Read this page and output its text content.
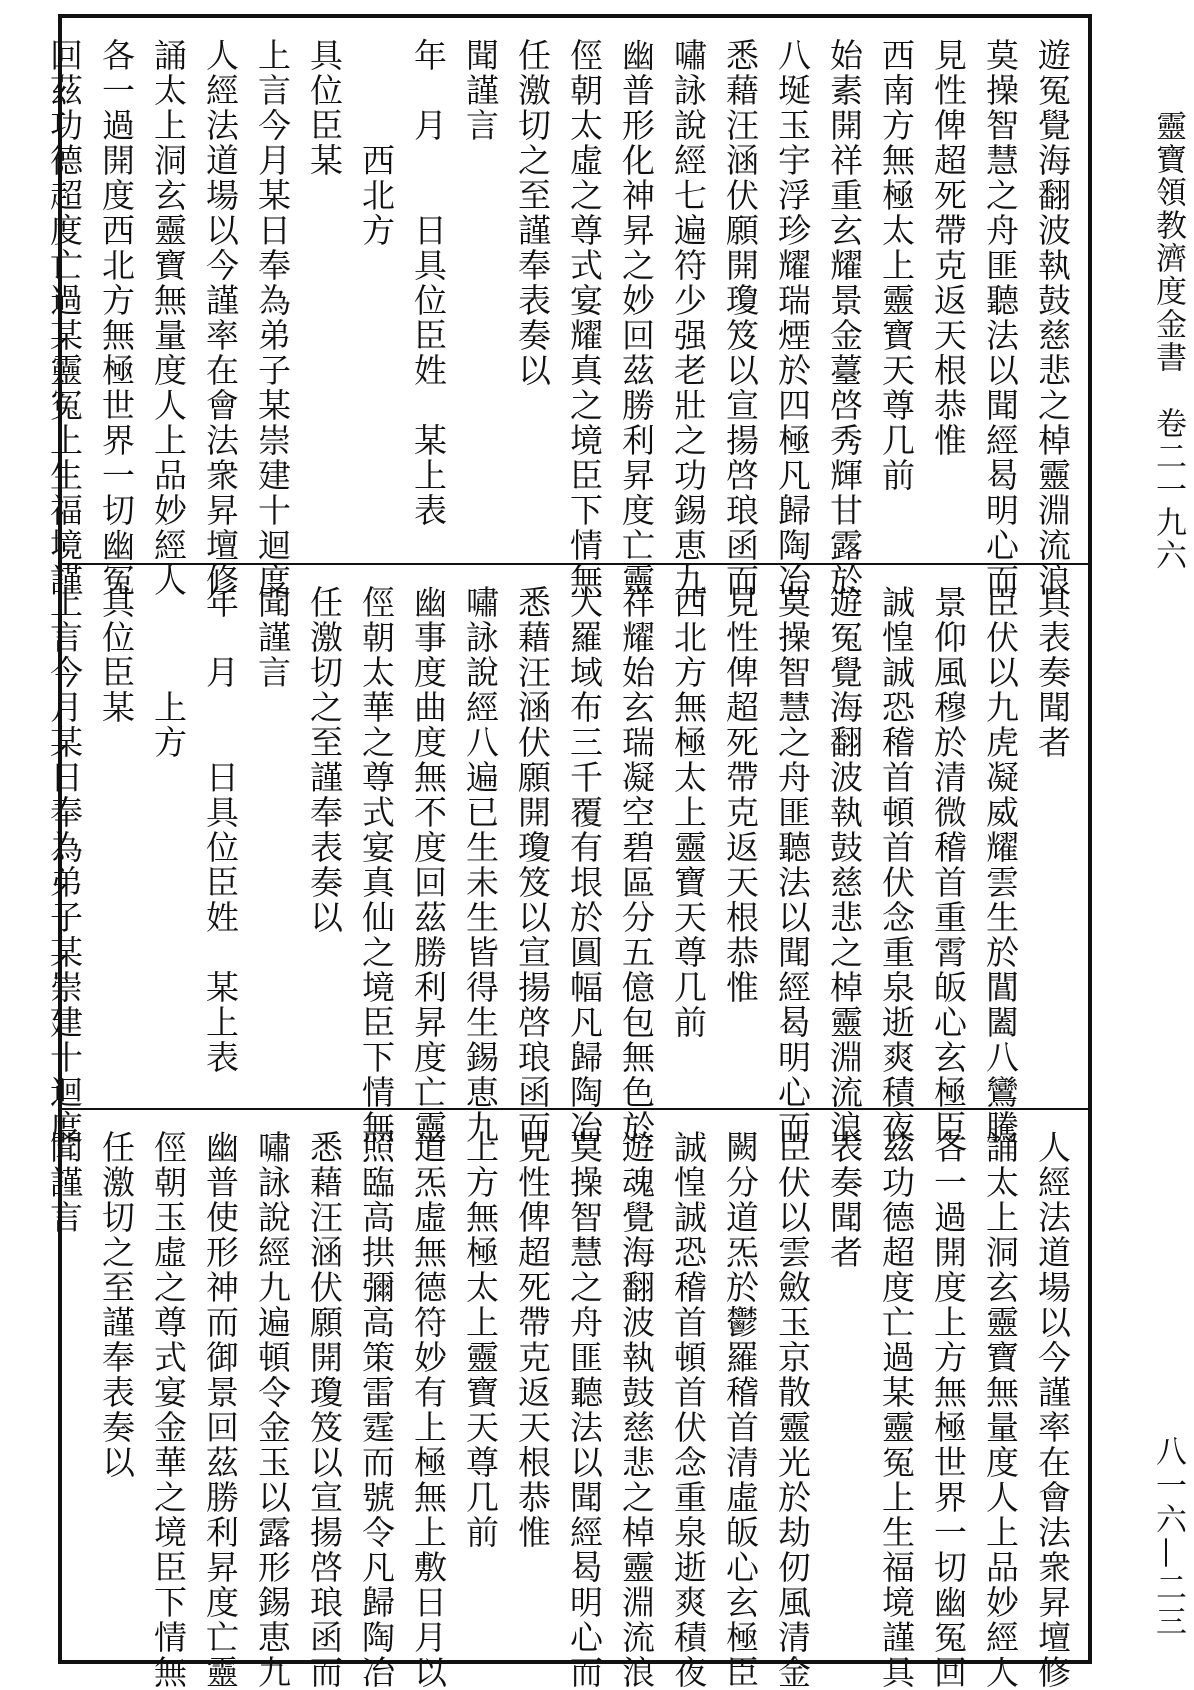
靈寶領教濟度金書　卷二一九六
八一六—二三
遊冤覺海翻波執鼓慈悲之棹靈淵流浪
莫操智慧之舟匪聽法以聞經曷明心而
見性俾超死帶克返天根恭惟
西南方無極太上靈寶天尊几前
始素開祥重玄耀景金薹啓秀輝甘露於
八埏玉宇浮珍耀瑞煙於四極凡歸陶冶
悉藉汪涵伏願開瓊笈以宣揚啓琅函而
嘯詠說經七遍符少强老壯之功錫恵九
幽普形化神昇之妙回茲勝利昇度亡靈
俓朝太虛之尊式宴耀真之境臣下情無
任激切之至謹奉表奏以
聞謹言
年　月　　日具位臣姓　某上表
　　　西北方
具位臣某
上言今月某日奉為弟子某崇建十迴度
人經法道場以今謹率在會法衆昇壇修
誦太上洞玄靈寶無量度人上品妙經人
各一過開度西北方無極世界一切幽冤
回茲功德超度亡過某靈冤上生福境謹
具表奏聞者
臣伏以九虎凝威耀雲生於閶闔八鸞騰
景仰風穆於清微稽首重霄皈心玄極臣
誠惶誠恐稽首頓首伏念重泉逝爽積夜
遊冤覺海翻波執鼓慈悲之棹靈淵流浪
莫操智慧之舟匪聽法以聞經曷明心而
見性俾超死帶克返天根恭惟
西北方無極太上靈寶天尊几前
祥耀始玄瑞凝空碧區分五億包無色於
大羅域布三千覆有垠於圓幅凡歸陶冶
悉藉汪涵伏願開瓊笈以宣揚啓琅函而
嘯詠說經八遍已生未生皆得生錫恵九
幽事度曲度無不度回茲勝利昇度亡靈
俓朝太華之尊式宴真仙之境臣下情無
任激切之至謹奉表奏以
聞謹言
年　月　　日具位臣姓　某上表
　　　上方
具位臣某
上言今月某日奉為弟子某崇建十迴度
人經法道場以今謹率在會法衆昇壇修
誦太上洞玄靈寶無量度人上品妙經人
各一過開度上方無極世界一切幽冤回
茲功德超度亡過某靈冤上生福境謹具
表奏聞者
臣伏以雲斂玉京散靈光於劫仞風清金
闕分道炁於鬱羅稽首清虛皈心玄極臣
誠惶誠恐稽首頓首伏念重泉逝爽積夜
遊魂覺海翻波執鼓慈悲之棹靈淵流浪
莫操智慧之舟匪聽法以聞經曷明心而
見性俾超死帶克返天根恭惟
上方無極太上靈寶天尊几前
道炁虛無德符妙有上極無上敷日月以
照臨高拱彌高策雷霆而號令凡歸陶冶
悉藉汪涵伏願開瓊笈以宣揚啓琅函而
嘯詠說經九遍頓令金玉以露形錫恵九
幽普使形神而御景回茲勝利昇度亡靈
俓朝玉虛之尊式宴金華之境臣下情無
任激切之至謹奉表奏以
聞謹言
